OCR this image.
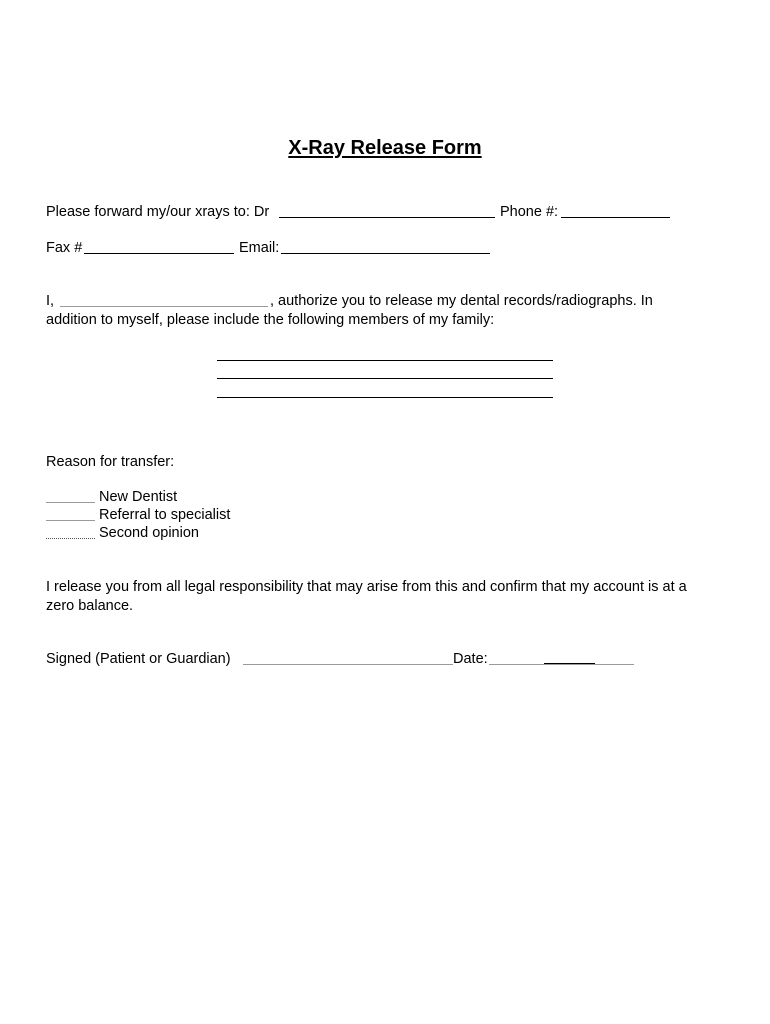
X-Ray Release Form
Please forward my/our xrays to: Dr	Phone #:
Fax #	Email:
I,	, authorize you to release my dental records/radiographs. In
addition to myself, please include the following members of my family:
Reason for transfer:
New Dentist
Referral to specialist
Second opinion
I release you from all legal responsibility that may arise from this and confirm that my account is at a
zero balance.
Signed (Patient or Guardian)	Date:
